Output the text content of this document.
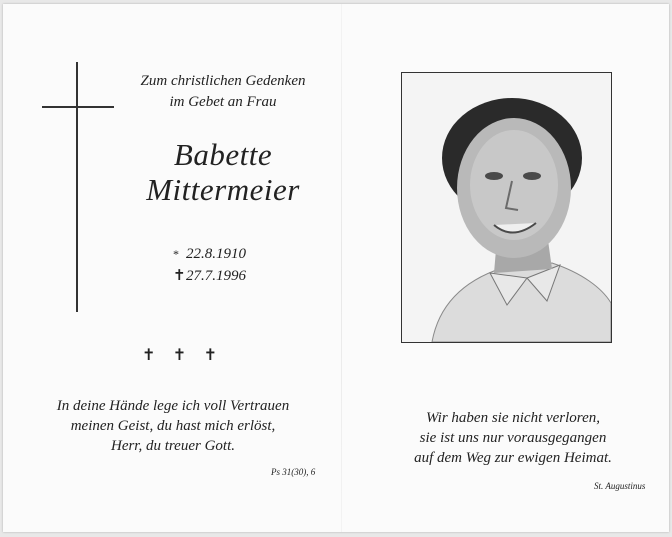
Zum christlichen Gedenken
im Gebet an Frau
Babette
Mittermeier
* 22.8.1910
✝27.7.1996
✝ ✝ ✝
In deine Hände lege ich voll Vertrauen
meinen Geist, du hast mich erlöst,
Herr, du treuer Gott.
Ps 31(30), 6
Wir haben sie nicht verloren,
sie ist uns nur vorausgegangen
auf dem Weg zur ewigen Heimat.
St. Augustinus
